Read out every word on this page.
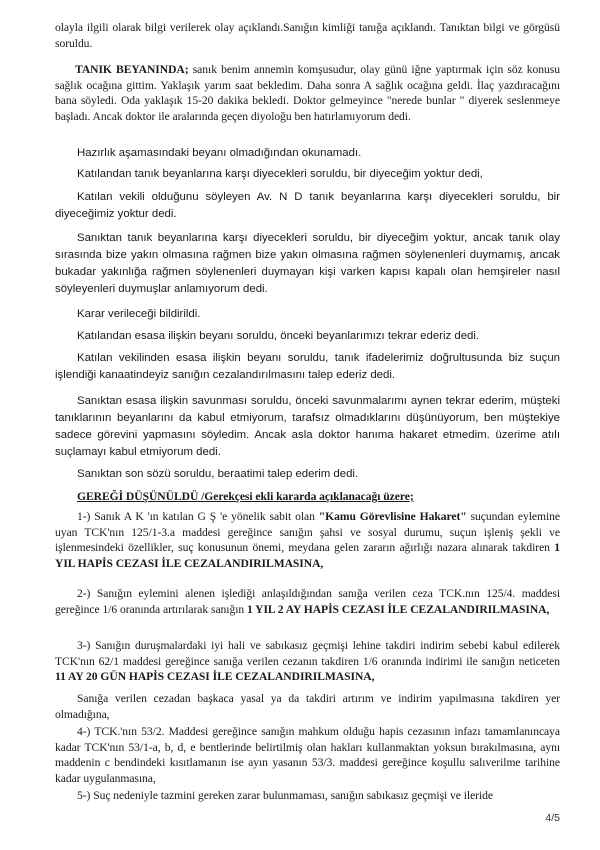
olayla ilgili olarak bilgi verilerek olay açıklandı.Sanığın kimliği tanığa açıklandı. Tanıktan bilgi ve görgüsü soruldu.

TANIK BEYANINDA; sanık benim annemin komşusudur, olay günü iğne yaptırmak için söz konusu sağlık ocağına gittim. Yaklaşık yarım saat bekledim. Daha sonra A sağlık ocağına geldi. İlaç yazdıracağını bana söyledi. Oda yaklaşık 15-20 dakika bekledi. Doktor gelmeyince "nerede bunlar " diyerek seslenmeye başladı. Ancak doktor ile aralarında geçen diyoloğu ben hatırlamıyorum dedi.

Hazırlık aşamasındaki beyanı olmadığından okunamadı.

Katılandan tanık beyanlarına karşı diyecekleri soruldu, bir diyeceğim yoktur dedi,

Katılan vekili olduğunu söyleyen Av. N D tanık beyanlarına karşı diyecekleri soruldu, bir diyeceğimiz yoktur dedi.

Sanıktan tanık beyanlarına karşı diyecekleri soruldu, bir diyeceğim yoktur, ancak tanık olay sırasında bize yakın olmasına rağmen bize yakın olmasına rağmen söylenenleri duymamış, ancak bukadar yakınlığa rağmen söylenenleri duymayan kişi varken kapısı kapalı olan hemşireler nasıl söyleyenleri duymuşlar anlamıyorum dedi.

Karar verileceği bildirildi.

Katılandan esasa ilişkin beyanı soruldu, önceki beyanlarımızı tekrar ederiz dedi.

Katılan vekilinden esasa ilişkin beyanı soruldu, tanık ifadelerimiz doğrultusunda biz suçun işlendiği kanaatindeyiz sanığın cezalandırılmasını talep ederiz dedi.

Sanıktan esasa ilişkin savunması soruldu, önceki savunmalarımı aynen tekrar ederim, müşteki tanıklarının beyanlarını da kabul etmiyorum, tarafsız olmadıklarını düşünüyorum, ben müştekiye sadece görevini yapmasını söyledim. Ancak asla doktor hanıma hakaret etmedim. üzerime atılı suçlamayı kabul etmiyorum dedi.

Sanıktan son sözü soruldu, beraatimi talep ederim dedi.

GEREĞİ DÜŞÜNÜLDÜ /Gerekçesi ekli kararda açıklanacağı üzere;

1-) Sanık A K 'ın katılan G Ş 'e yönelik sabit olan "Kamu Görevlisine Hakaret" suçundan eylemine uyan TCK'nın 125/1-3.a maddesi gereğince sanığın şahsi ve sosyal durumu, suçun işleniş şekli ve işlenmesindeki özellikler, suç konusunun önemi, meydana gelen zararın ağırlığı nazara alınarak takdiren 1 YIL HAPİS CEZASI İLE CEZALANDIRILMASINA,

2-) Sanığın eylemini alenen işlediği anlaşıldığından sanığa verilen ceza TCK.nın 125/4. maddesi gereğince 1/6 oranında artırılarak sanığın 1 YIL 2 AY HAPİS CEZASI İLE CEZALANDIRILMASINA,

3-) Sanığın duruşmalardaki iyi hali ve sabıkasız geçmişi lehine takdiri indirim sebebi kabul edilerek TCK'nın 62/1 maddesi gereğince sanığa verilen cezanın takdiren 1/6 oranında indirimi ile sanığın neticeten 11 AY 20 GÜN HAPİS CEZASI İLE CEZALANDIRILMASINA,

Sanığa verilen cezadan başkaca yasal ya da takdiri artırım ve indirim yapılmasına takdiren yer olmadığına,

4-) TCK.'nın 53/2. Maddesi gereğince sanığın mahkum olduğu hapis cezasının infazı tamamlanıncaya kadar TCK'nın 53/1-a, b, d, e bentlerinde belirtilmiş olan hakları kullanmaktan yoksun bırakılmasına, aynı maddenin c bendindeki kısıtlamanın ise ayın yasanın 53/3. maddesi gereğince koşullu salıverilme tarihine kadar uygulanmasına,

5-) Suç nedeniyle tazmini gereken zarar bulunmaması, sanığın sabıkasız geçmişi ve ileride

4/5
